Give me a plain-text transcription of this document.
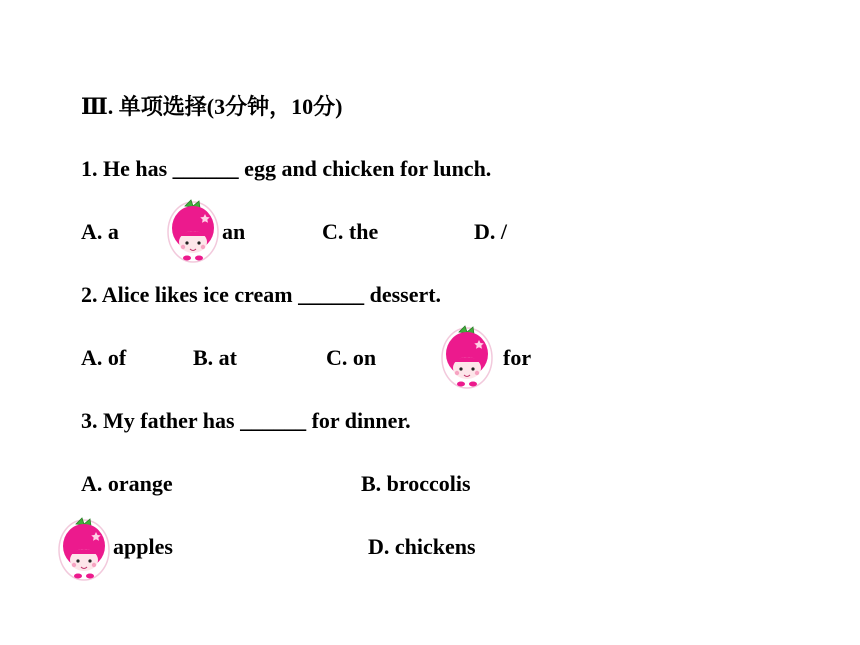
Ⅲ. 单项选择(3分钟，10分)
1. He has ______ egg and chicken for lunch.
A. a	an	C. the	D. /
2. Alice likes ice cream ______ dessert.
A. of	B. at	C. on	for
3. My father has ______ for dinner.
A. orange	B. broccolis
apples	D. chickens
